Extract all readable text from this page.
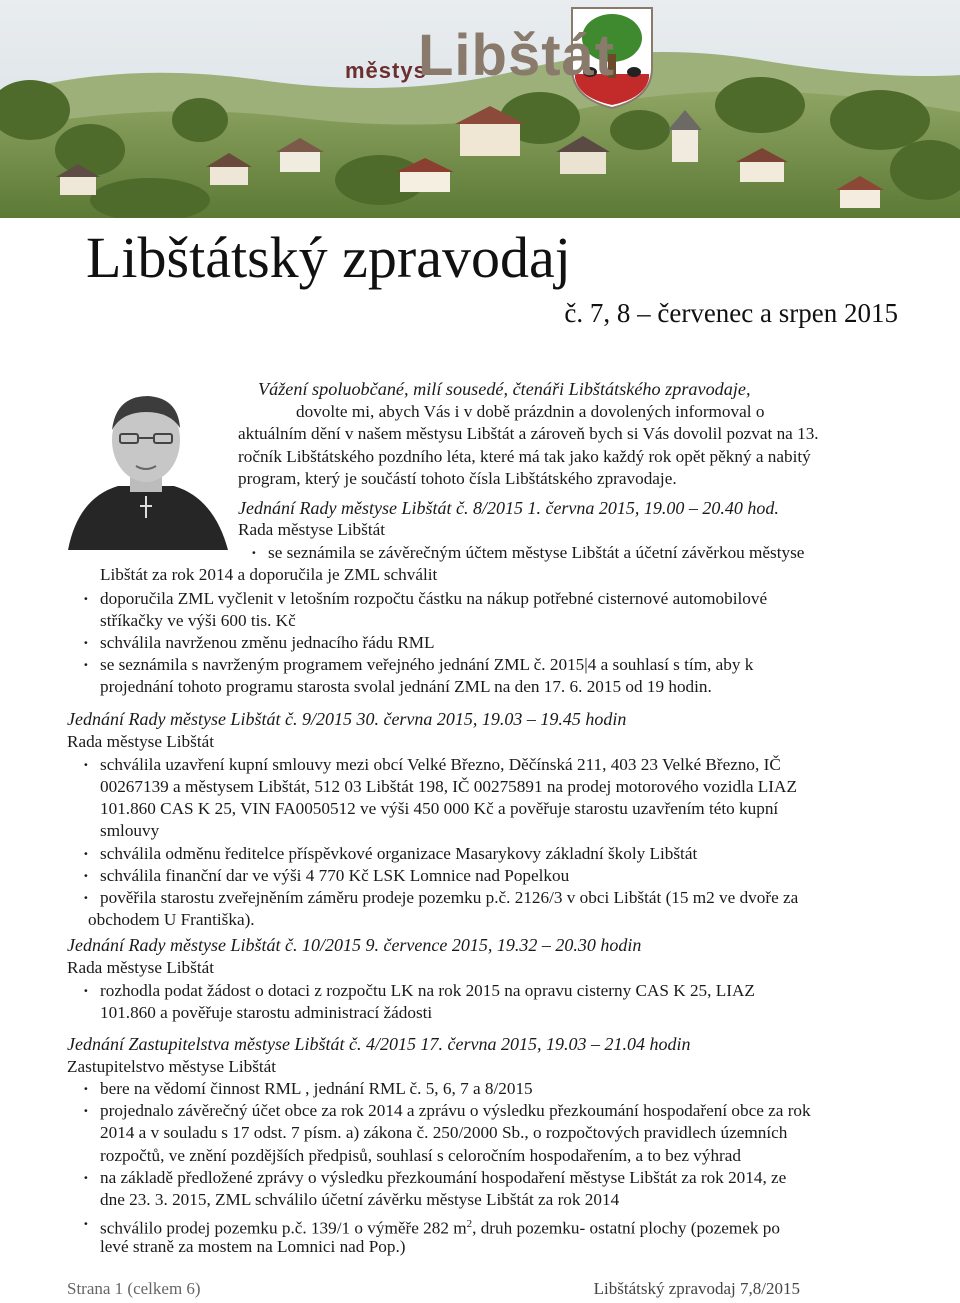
městys
Libštát
Libštátský zpravodaj
č. 7, 8 – červenec a srpen 2015
Vážení spoluobčané, milí sousedé, čtenáři Libštátského zpravodaje,
dovolte mi, abych Vás i v době prázdnin a dovolených informoval o
aktuálním dění v našem městysu Libštát a zároveň bych si Vás dovolil pozvat na 13.
ročník Libštátského pozdního léta, které má tak jako každý rok opět pěkný a nabitý
program, který je součástí tohoto čísla Libštátského zpravodaje.
Jednání Rady městyse Libštát č. 8/2015 1. června 2015, 19.00 – 20.40 hod.
Rada městyse Libštát
· se seznámila se závěrečným účtem městyse Libštát a účetní závěrkou městyse
Libštát za rok 2014 a doporučila je ZML schválit
· doporučila ZML vyčlenit v letošním rozpočtu částku na nákup potřebné cisternové automobilové
stříkačky ve výši 600 tis. Kč
· schválila navrženou změnu jednacího řádu RML
· se seznámila s navrženým programem veřejného jednání ZML č. 2015|4 a souhlasí s tím, aby k
projednání tohoto programu starosta svolal jednání ZML na den 17. 6. 2015 od 19 hodin.
Jednání Rady městyse Libštát č. 9/2015 30. června 2015, 19.03 – 19.45 hodin
Rada městyse Libštát
· schválila uzavření kupní smlouvy mezi obcí Velké Březno, Děčínská 211, 403 23 Velké Březno, IČ
00267139 a městysem Libštát, 512 03 Libštát 198, IČ 00275891 na prodej motorového vozidla LIAZ
101.860 CAS K 25, VIN FA0050512 ve výši 450 000 Kč a pověřuje starostu uzavřením této kupní
smlouvy
· schválila odměnu ředitelce příspěvkové organizace Masarykovy základní školy Libštát
· schválila finanční dar ve výši 4 770 Kč LSK Lomnice nad Popelkou
· pověřila starostu zveřejněním záměru prodeje pozemku p.č. 2126/3 v obci Libštát (15 m2 ve dvoře za
obchodem U Františka).
Jednání Rady městyse Libštát č. 10/2015 9. července 2015, 19.32 – 20.30 hodin
Rada městyse Libštát
· rozhodla podat žádost o dotaci z rozpočtu LK na rok 2015 na opravu cisterny CAS K 25, LIAZ
101.860 a pověřuje starostu administrací žádosti
Jednání Zastupitelstva městyse Libštát č. 4/2015 17. června 2015, 19.03 – 21.04 hodin
Zastupitelstvo městyse Libštát
· bere na vědomí činnost RML , jednání RML č. 5, 6, 7 a 8/2015
· projednalo závěrečný účet obce za rok 2014 a zprávu o výsledku přezkoumání hospodaření obce za rok
2014 a v souladu s 17 odst. 7 písm. a) zákona č. 250/2000 Sb., o rozpočtových pravidlech územních
rozpočtů, ve znění pozdějších předpisů, souhlasí s celoročním hospodařením, a to bez výhrad
· na základě předložené zprávy o výsledku přezkoumání hospodaření městyse Libštát za rok 2014, ze
dne 23. 3. 2015, ZML schválilo účetní závěrku městyse Libštát za rok 2014
· schválilo prodej pozemku p.č. 139/1 o výměře 282 $m^2$, druh pozemku- ostatní plochy (pozemek po
levé straně za mostem na Lomnici nad Pop.)
Strana 1 (celkem 6)	Libštátský zpravodaj 7,8/2015
